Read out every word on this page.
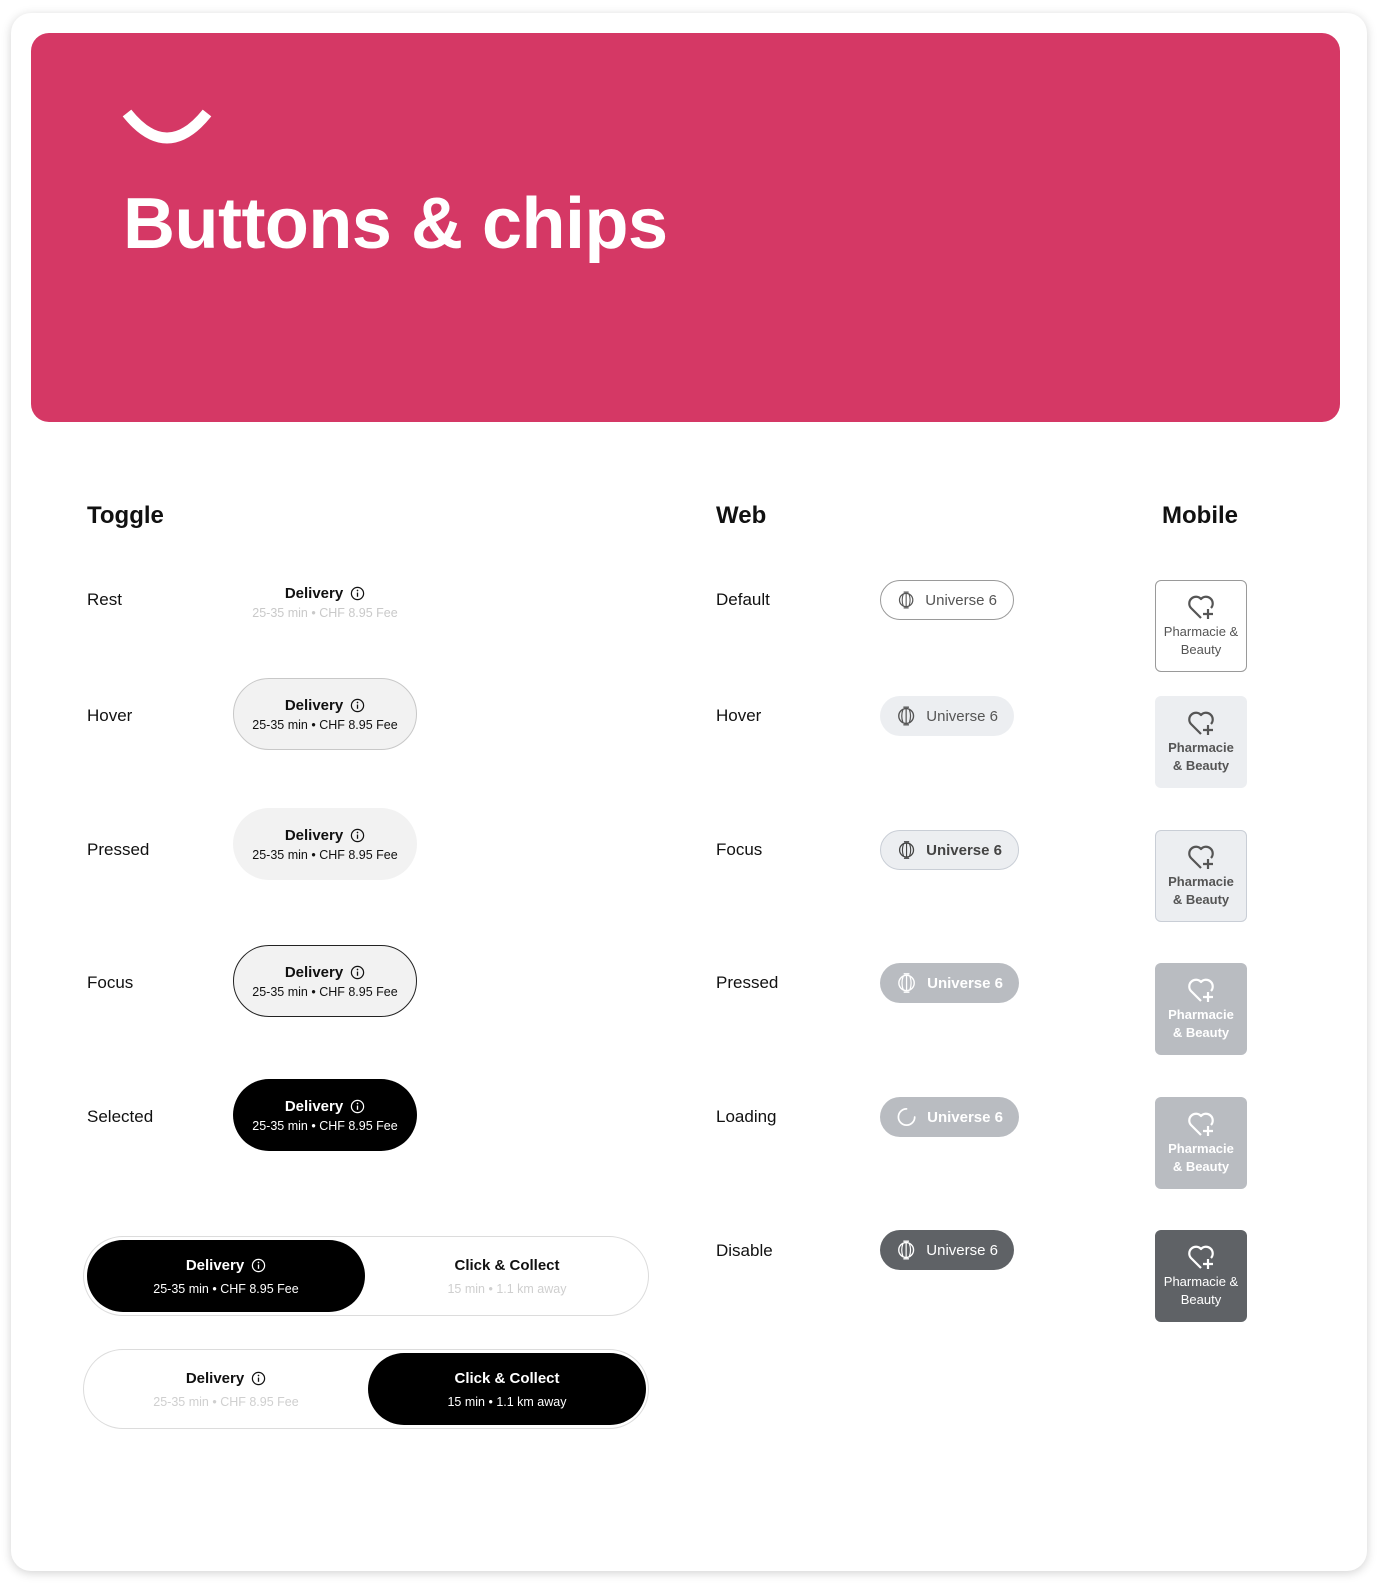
Buttons & chips
Toggle	Web	Mobile
Rest
Hover
Pressed
Focus
Selected
Delivery
25-35 min • CHF 8.95 Fee
Delivery
25-35 min • CHF 8.95 Fee
Delivery
25-35 min • CHF 8.95 Fee
Delivery
25-35 min • CHF 8.95 Fee
Delivery
25-35 min • CHF 8.95 Fee
Delivery
25-35 min • CHF 8.95 Fee
Click & Collect
15 min • 1.1 km away
Delivery
25-35 min • CHF 8.95 Fee
Click & Collect
15 min • 1.1 km away
Default
Hover
Focus
Pressed
Loading
Disable
Universe 6
Universe 6
Universe 6
Universe 6
Universe 6
Universe 6
Pharmacie &
Beauty
Pharmacie
& Beauty
Pharmacie
& Beauty
Pharmacie
& Beauty
Pharmacie
& Beauty
Pharmacie &
Beauty
